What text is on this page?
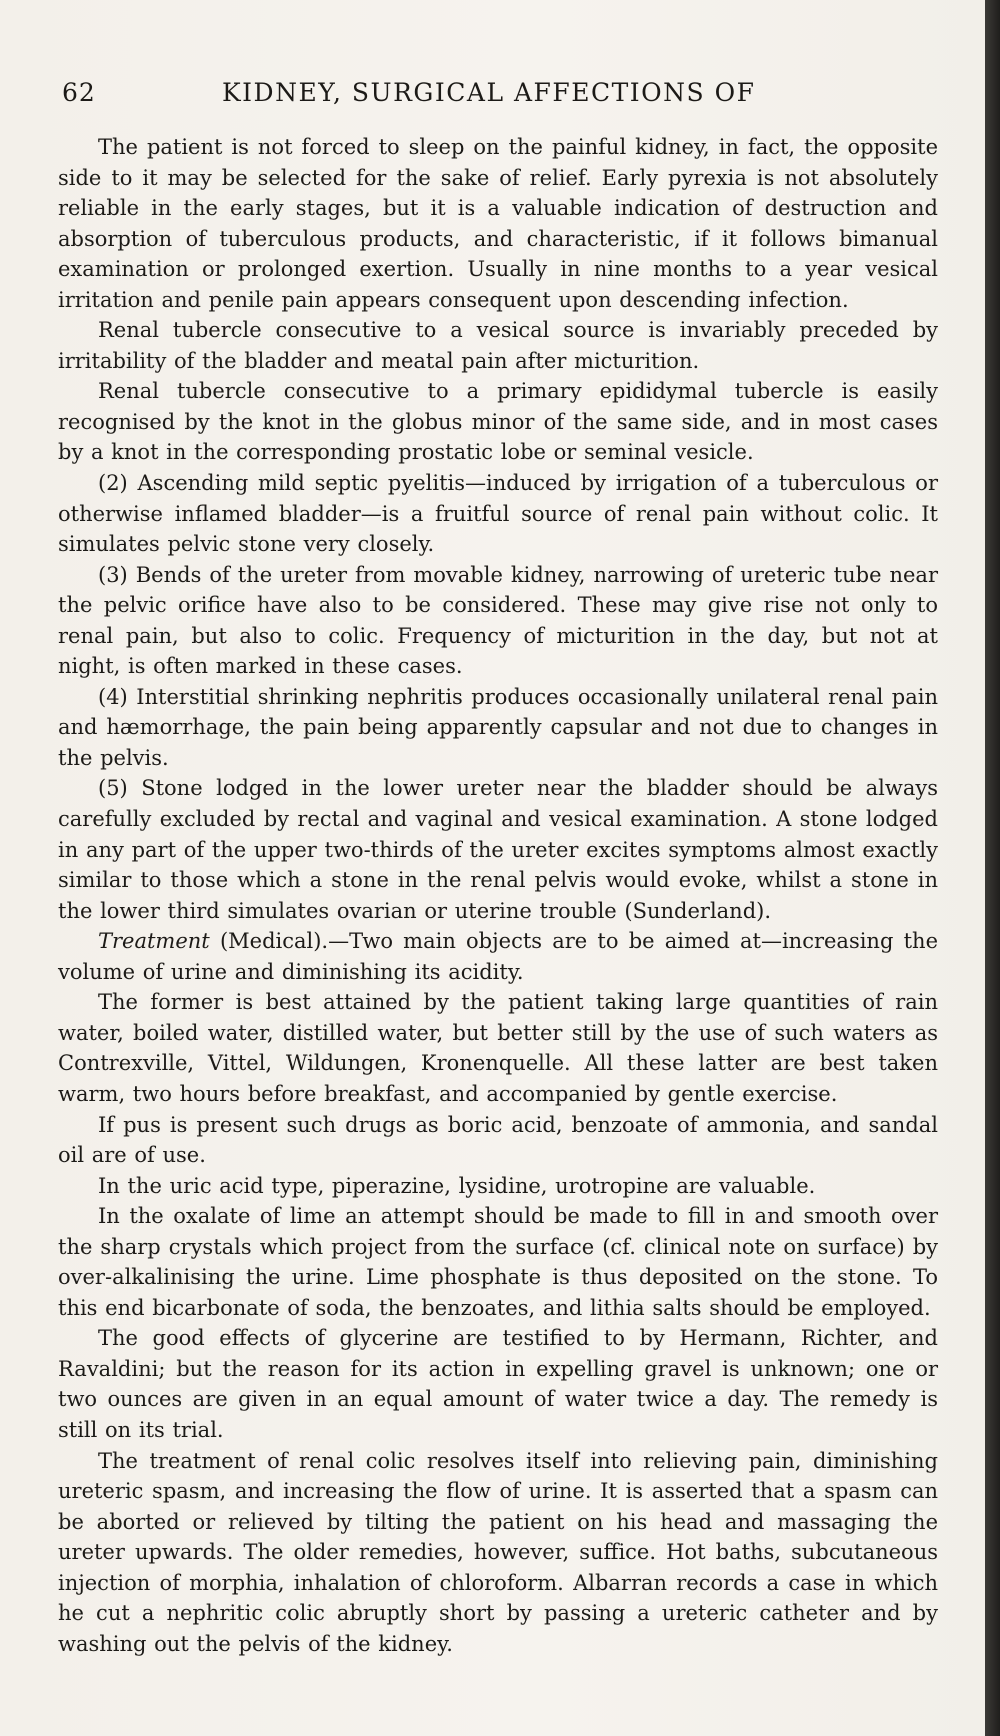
62	KIDNEY, SURGICAL AFFECTIONS OF

The patient is not forced to sleep on the painful kidney, in fact, the opposite side to it may be selected for the sake of relief. Early pyrexia is not absolutely reliable in the early stages, but it is a valuable indication of destruction and absorption of tuberculous products, and characteristic, if it follows bimanual examination or prolonged exertion. Usually in nine months to a year vesical irritation and penile pain appears consequent upon descending infection.

Renal tubercle consecutive to a vesical source is invariably preceded by irritability of the bladder and meatal pain after micturition.

Renal tubercle consecutive to a primary epididymal tubercle is easily recognised by the knot in the globus minor of the same side, and in most cases by a knot in the corresponding prostatic lobe or seminal vesicle.

(2) Ascending mild septic pyelitis—induced by irrigation of a tuberculous or otherwise inflamed bladder—is a fruitful source of renal pain without colic. It simulates pelvic stone very closely.

(3) Bends of the ureter from movable kidney, narrowing of ureteric tube near the pelvic orifice have also to be considered. These may give rise not only to renal pain, but also to colic. Frequency of micturition in the day, but not at night, is often marked in these cases.

(4) Interstitial shrinking nephritis produces occasionally unilateral renal pain and hæmorrhage, the pain being apparently capsular and not due to changes in the pelvis.

(5) Stone lodged in the lower ureter near the bladder should be always carefully excluded by rectal and vaginal and vesical examination. A stone lodged in any part of the upper two-thirds of the ureter excites symptoms almost exactly similar to those which a stone in the renal pelvis would evoke, whilst a stone in the lower third simulates ovarian or uterine trouble (Sunderland).

Treatment (Medical).—Two main objects are to be aimed at—increasing the volume of urine and diminishing its acidity.

The former is best attained by the patient taking large quantities of rain water, boiled water, distilled water, but better still by the use of such waters as Contrexville, Vittel, Wildungen, Kronenquelle. All these latter are best taken warm, two hours before breakfast, and accompanied by gentle exercise.

If pus is present such drugs as boric acid, benzoate of ammonia, and sandal oil are of use.

In the uric acid type, piperazine, lysidine, urotropine are valuable.

In the oxalate of lime an attempt should be made to fill in and smooth over the sharp crystals which project from the surface (cf. clinical note on surface) by over-alkalinising the urine. Lime phosphate is thus deposited on the stone. To this end bicarbonate of soda, the benzoates, and lithia salts should be employed.

The good effects of glycerine are testified to by Hermann, Richter, and Ravaldini; but the reason for its action in expelling gravel is unknown; one or two ounces are given in an equal amount of water twice a day. The remedy is still on its trial.

The treatment of renal colic resolves itself into relieving pain, diminishing ureteric spasm, and increasing the flow of urine. It is asserted that a spasm can be aborted or relieved by tilting the patient on his head and massaging the ureter upwards. The older remedies, however, suffice. Hot baths, subcutaneous injection of morphia, inhalation of chloroform. Albarran records a case in which he cut a nephritic colic abruptly short by passing a ureteric catheter and by washing out the pelvis of the kidney.
